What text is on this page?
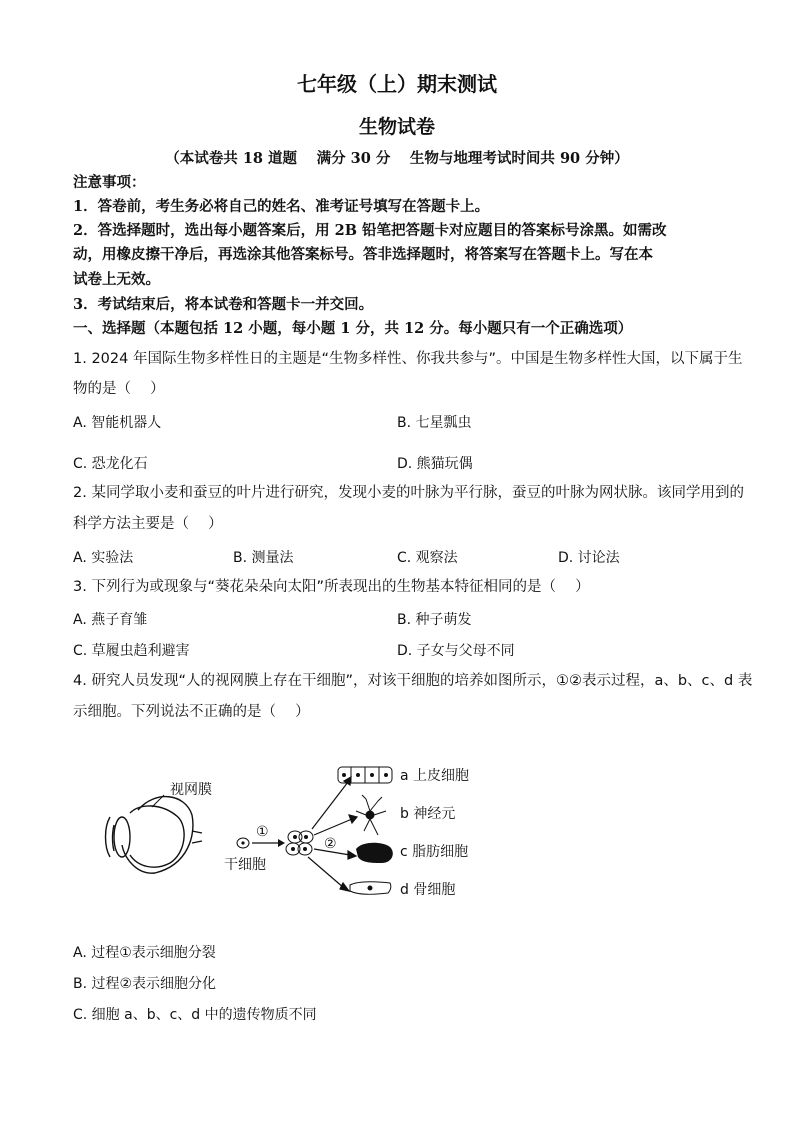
七年级（上）期末测试
生物试卷
（本试卷共 18 道题　 满分 30 分　 生物与地理考试时间共 90 分钟）
注意事项：
1．答卷前，考生务必将自己的姓名、准考证号填写在答题卡上。
2．答选择题时，选出每小题答案后，用 2B 铅笔把答题卡对应题目的答案标号涂黑。如需改
动，用橡皮擦干净后，再选涂其他答案标号。答非选择题时，将答案写在答题卡上。写在本
试卷上无效。
3．考试结束后，将本试卷和答题卡一并交回。
一、选择题（本题包括 12 小题，每小题 1 分，共 12 分。每小题只有一个正确选项）
1. 2024 年国际生物多样性日的主题是“生物多样性、你我共参与”。中国是生物多样性大国，以下属于生
物的是（　 ）
A. 智能机器人	B. 七星瓢虫
C. 恐龙化石	D. 熊猫玩偶
2. 某同学取小麦和蚕豆的叶片进行研究，发现小麦的叶脉为平行脉，蚕豆的叶脉为网状脉。该同学用到的
科学方法主要是（　 ）
A. 实验法	B. 测量法	C. 观察法	D. 讨论法
3. 下列行为或现象与“葵花朵朵向太阳”所表现出的生物基本特征相同的是（　 ）
A. 燕子育雏	B. 种子萌发
C. 草履虫趋利避害	D. 子女与父母不同
4. 研究人员发现“人的视网膜上存在干细胞”，对该干细胞的培养如图所示，①②表示过程，a、b、c、d 表
示细胞。下列说法不正确的是（　 ）
视网膜
干细胞
①
②
a 上皮细胞
b 神经元
c 脂肪细胞
d 骨细胞
A. 过程①表示细胞分裂
B. 过程②表示细胞分化
C. 细胞 a、b、c、d 中的遗传物质不同
